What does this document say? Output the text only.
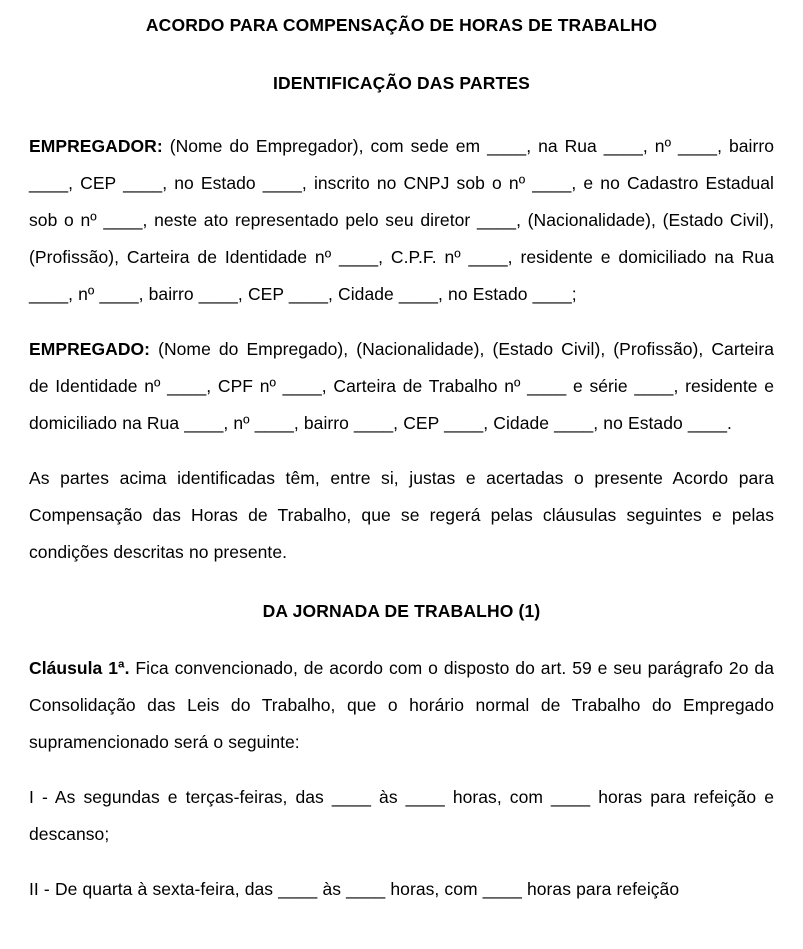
ACORDO PARA COMPENSAÇÃO DE HORAS DE TRABALHO
IDENTIFICAÇÃO DAS PARTES

EMPREGADOR: (Nome do Empregador), com sede em ____, na Rua ____, nº ____, bairro ____, CEP ____, no Estado ____, inscrito no CNPJ sob o nº ____, e no Cadastro Estadual sob o nº ____, neste ato representado pelo seu diretor ____, (Nacionalidade), (Estado Civil), (Profissão), Carteira de Identidade nº ____, C.P.F. nº ____, residente e domiciliado na Rua ____, nº ____, bairro ____, CEP ____, Cidade ____, no Estado ____;

EMPREGADO: (Nome do Empregado), (Nacionalidade), (Estado Civil), (Profissão), Carteira de Identidade nº ____, CPF nº ____, Carteira de Trabalho nº ____ e série ____, residente e domiciliado na Rua ____, nº ____, bairro ____, CEP ____, Cidade ____, no Estado ____.

As partes acima identificadas têm, entre si, justas e acertadas o presente Acordo para Compensação das Horas de Trabalho, que se regerá pelas cláusulas seguintes e pelas condições descritas no presente.

DA JORNADA DE TRABALHO (1)

Cláusula 1ª. Fica convencionado, de acordo com o disposto do art. 59 e seu parágrafo 2o da Consolidação das Leis do Trabalho, que o horário normal de Trabalho do Empregado supramencionado será o seguinte:

I - As segundas e terças-feiras, das ____ às ____ horas, com ____ horas para refeição e descanso;

II - De quarta à sexta-feira, das ____ às ____ horas, com ____ horas para refeição
